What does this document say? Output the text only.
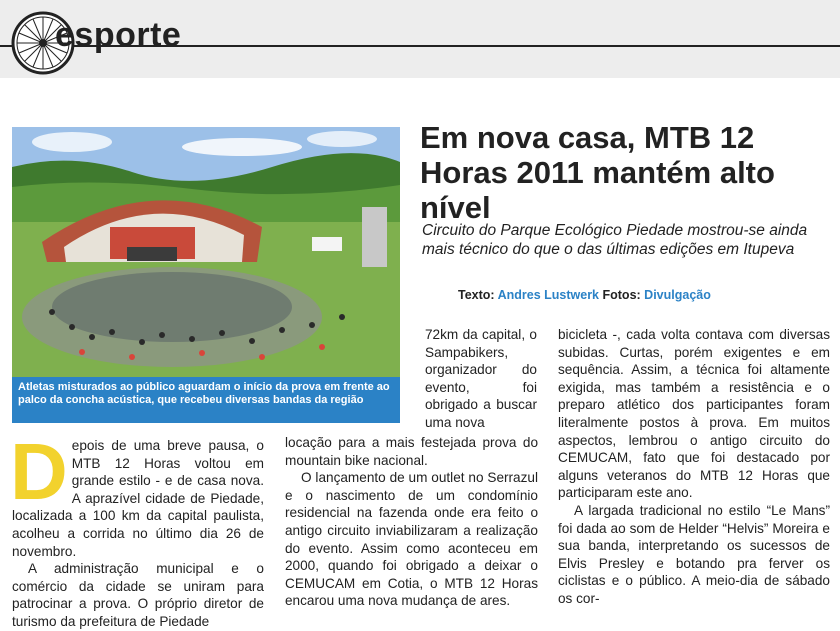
esporte
Atletas misturados ao público aguardam o início da prova em frente ao palco da concha acústica, que recebeu diversas bandas da região
Em nova casa, MTB 12 Horas 2011 mantém alto nível
Circuito do Parque Ecológico Piedade mostrou-se ainda mais técnico do que o das últimas edições em Itupeva
Texto: Andres Lustwerk Fotos: Divulgação
D epois de uma breve pausa, o MTB 12 Horas voltou em grande estilo - e de casa nova. A aprazível cidade de Piedade, localizada a 100 km da capital paulista, acolheu a corrida no último dia 26 de novembro.

A administração municipal e o comércio da cidade se uniram para patrocinar a prova. O próprio diretor de turismo da prefeitura de Piedade

72km da capital, o Sampabikers, organizador do evento, foi obrigado a buscar uma nova

locação para a mais festejada prova do mountain bike nacional.

O lançamento de um outlet no Serrazul e o nascimento de um condomínio residencial na fazenda onde era feito o antigo circuito inviabilizaram a realização do evento. Assim como aconteceu em 2000, quando foi obrigado a deixar o CEMUCAM em Cotia, o MTB 12 Horas encarou uma nova mudança de ares.

bicicleta -, cada volta contava com diversas subidas. Curtas, porém exigentes e em sequência. Assim, a técnica foi altamente exigida, mas também a resistência e o preparo atlético dos participantes foram literalmente postos à prova. Em muitos aspectos, lembrou o antigo circuito do CEMUCAM, fato que foi destacado por alguns veteranos do MTB 12 Horas que participaram este ano.

A largada tradicional no estilo “Le Mans” foi dada ao som de Helder “Helvis” Moreira e sua banda, interpretando os sucessos de Elvis Presley e botando pra ferver os ciclistas e o público. A meio-dia de sábado os cor-
